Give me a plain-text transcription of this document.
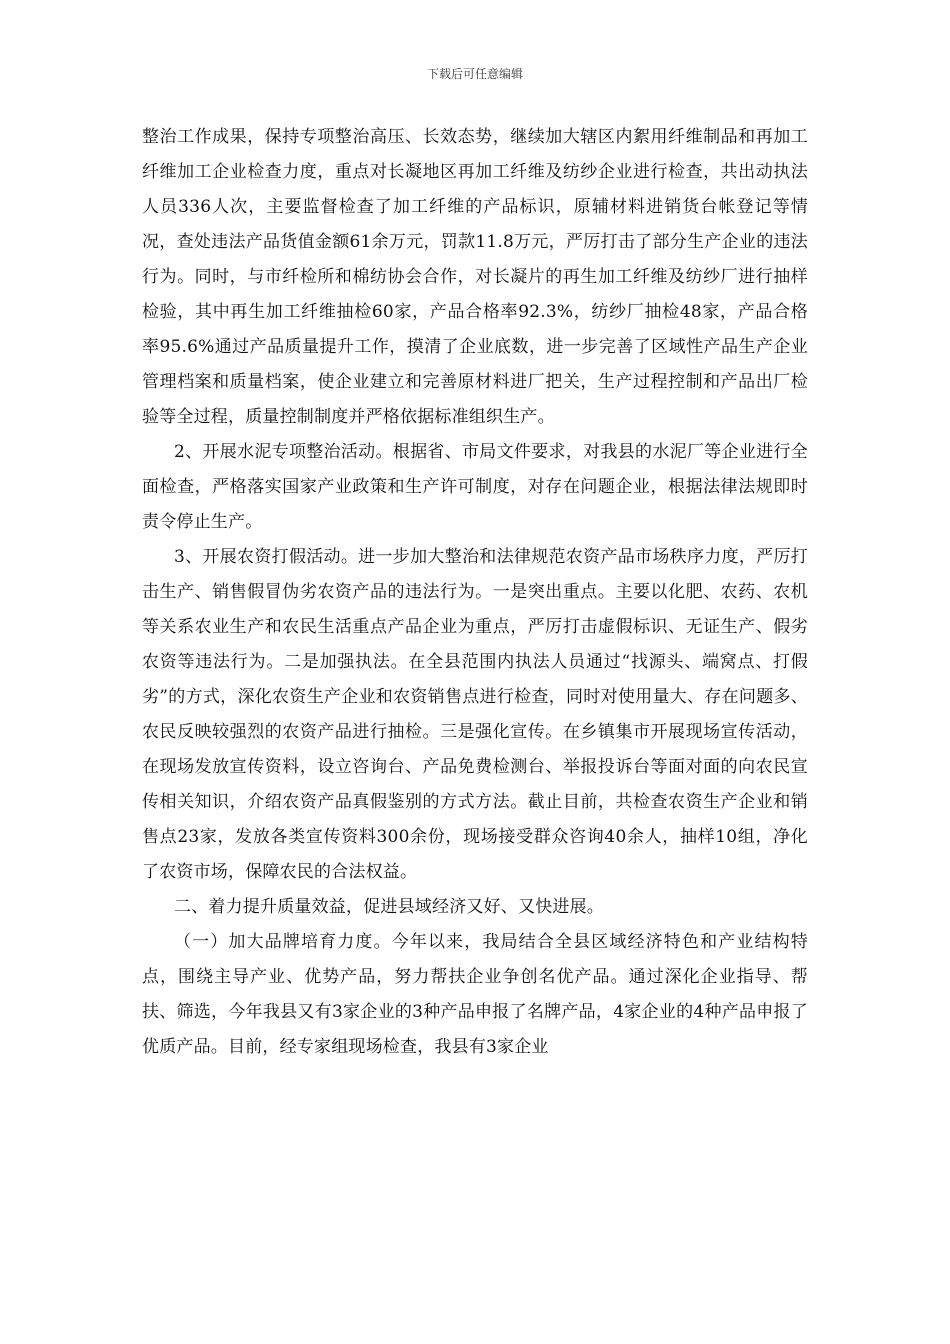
下载后可任意编辑

整治工作成果，保持专项整治高压、长效态势，继续加大辖区内絮用纤维制品和再加工纤维加工企业检查力度，重点对长凝地区再加工纤维及纺纱企业进行检查，共出动执法人员336人次，主要监督检查了加工纤维的产品标识，原辅材料进销货台帐登记等情况，查处违法产品货值金额61余万元，罚款11.8万元，严厉打击了部分生产企业的违法行为。同时，与市纤检所和棉纺协会合作，对长凝片的再生加工纤维及纺纱厂进行抽样检验，其中再生加工纤维抽检60家，产品合格率92.3%，纺纱厂抽检48家，产品合格率95.6%通过产品质量提升工作，摸清了企业底数，进一步完善了区域性产品生产企业管理档案和质量档案，使企业建立和完善原材料进厂把关，生产过程控制和产品出厂检验等全过程，质量控制制度并严格依据标准组织生产。

2、开展水泥专项整治活动。根据省、市局文件要求，对我县的水泥厂等企业进行全面检查，严格落实国家产业政策和生产许可制度，对存在问题企业，根据法律法规即时责令停止生产。

3、开展农资打假活动。进一步加大整治和法律规范农资产品市场秩序力度，严厉打击生产、销售假冒伪劣农资产品的违法行为。一是突出重点。主要以化肥、农药、农机等关系农业生产和农民生活重点产品企业为重点，严厉打击虚假标识、无证生产、假劣农资等违法行为。二是加强执法。在全县范围内执法人员通过“找源头、端窝点、打假劣”的方式，深化农资生产企业和农资销售点进行检查，同时对使用量大、存在问题多、农民反映较强烈的农资产品进行抽检。三是强化宣传。在乡镇集市开展现场宣传活动，在现场发放宣传资料，设立咨询台、产品免费检测台、举报投诉台等面对面的向农民宣传相关知识，介绍农资产品真假鉴别的方式方法。截止目前，共检查农资生产企业和销售点23家，发放各类宣传资料300余份，现场接受群众咨询40余人，抽样10组，净化了农资市场，保障农民的合法权益。

二、着力提升质量效益，促进县域经济又好、又快进展。

（一）加大品牌培育力度。今年以来，我局结合全县区域经济特色和产业结构特点，围绕主导产业、优势产品，努力帮扶企业争创名优产品。通过深化企业指导、帮扶、筛选，今年我县又有3家企业的3种产品申报了名牌产品，4家企业的4种产品申报了优质产品。目前，经专家组现场检查，我县有3家企业
